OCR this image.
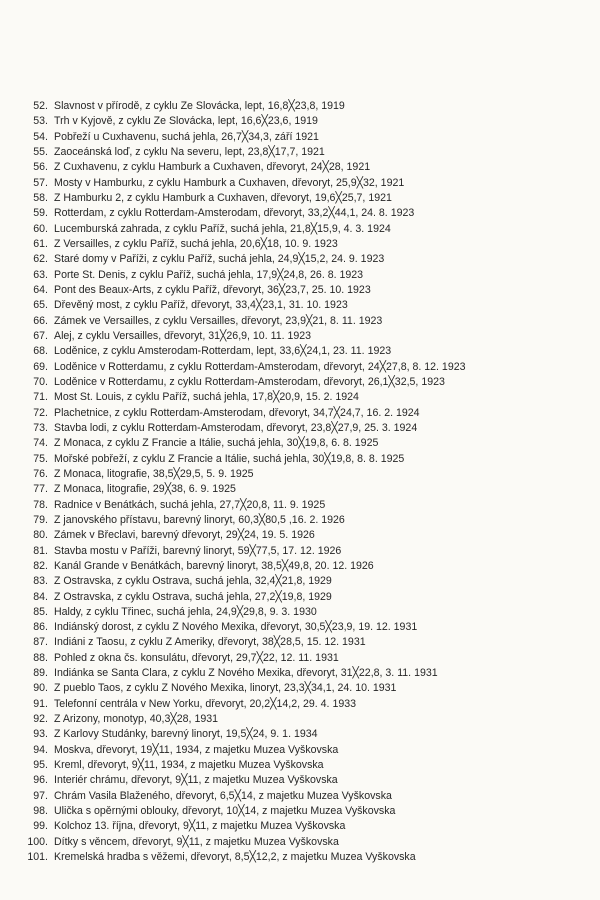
52. Slavnost v přírodě, z cyklu Ze Slovácka, lept, 16,8╳23,8, 1919
53. Trh v Kyjově, z cyklu Ze Slovácka, lept, 16,6╳23,6, 1919
54. Pobřeží u Cuxhavenu, suchá jehla, 26,7╳34,3, září 1921
55. Zaoceánská loď, z cyklu Na severu, lept, 23,8╳17,7, 1921
56. Z Cuxhavenu, z cyklu Hamburk a Cuxhaven, dřevoryt, 24╳28, 1921
57. Mosty v Hamburku, z cyklu Hamburk a Cuxhaven, dřevoryt, 25,9╳32, 1921
58. Z Hamburku 2, z cyklu Hamburk a Cuxhaven, dřevoryt, 19,6╳25,7, 1921
59. Rotterdam, z cyklu Rotterdam-Amsterodam, dřevoryt, 33,2╳44,1, 24. 8. 1923
60. Lucemburská zahrada, z cyklu Paříž, suchá jehla, 21,8╳15,9, 4. 3. 1924
61. Z Versailles, z cyklu Paříž, suchá jehla, 20,6╳18, 10. 9. 1923
62. Staré domy v Paříži, z cyklu Paříž, suchá jehla, 24,9╳15,2, 24. 9. 1923
63. Porte St. Denis, z cyklu Paříž, suchá jehla, 17,9╳24,8, 26. 8. 1923
64. Pont des Beaux-Arts, z cyklu Paříž, dřevoryt, 36╳23,7, 25. 10. 1923
65. Dřevěný most, z cyklu Paříž, dřevoryt, 33,4╳23,1, 31. 10. 1923
66. Zámek ve Versailles, z cyklu Versailles, dřevoryt, 23,9╳21, 8. 11. 1923
67. Alej, z cyklu Versailles, dřevoryt, 31╳26,9, 10. 11. 1923
68. Loděnice, z cyklu Amsterodam-Rotterdam, lept, 33,6╳24,1, 23. 11. 1923
69. Loděnice v Rotterdamu, z cyklu Rotterdam-Amsterodam, dřevoryt, 24╳27,8, 8. 12. 1923
70. Loděnice v Rotterdamu, z cyklu Rotterdam-Amsterodam, dřevoryt, 26,1╳32,5, 1923
71. Most St. Louis, z cyklu Paříž, suchá jehla, 17,8╳20,9, 15. 2. 1924
72. Plachetnice, z cyklu Rotterdam-Amsterodam, dřevoryt, 34,7╳24,7, 16. 2. 1924
73. Stavba lodi, z cyklu Rotterdam-Amsterodam, dřevoryt, 23,8╳27,9, 25. 3. 1924
74. Z Monaca, z cyklu Z Francie a Itálie, suchá jehla, 30╳19,8, 6. 8. 1925
75. Mořské pobřeží, z cyklu Z Francie a Itálie, suchá jehla, 30╳19,8, 8. 8. 1925
76. Z Monaca, litografie, 38,5╳29,5, 5. 9. 1925
77. Z Monaca, litografie, 29╳38, 6. 9. 1925
78. Radnice v Benátkách, suchá jehla, 27,7╳20,8, 11. 9. 1925
79. Z janovského přístavu, barevný linoryt, 60,3╳80,5 ,16. 2. 1926
80. Zámek v Břeclavi, barevný dřevoryt, 29╳24, 19. 5. 1926
81. Stavba mostu v Paříži, barevný linoryt, 59╳77,5, 17. 12. 1926
82. Kanál Grande v Benátkách, barevný linoryt, 38,5╳49,8, 20. 12. 1926
83. Z Ostravska, z cyklu Ostrava, suchá jehla, 32,4╳21,8, 1929
84. Z Ostravska, z cyklu Ostrava, suchá jehla, 27,2╳19,8, 1929
85. Haldy, z cyklu Třinec, suchá jehla, 24,9╳29,8, 9. 3. 1930
86. Indiánský dorost, z cyklu Z Nového Mexika, dřevoryt, 30,5╳23,9, 19. 12. 1931
87. Indiáni z Taosu, z cyklu Z Ameriky, dřevoryt, 38╳28,5, 15. 12. 1931
88. Pohled z okna čs. konsulátu, dřevoryt, 29,7╳22, 12. 11. 1931
89. Indiánka se Santa Clara, z cyklu Z Nového Mexika, dřevoryt, 31╳22,8, 3. 11. 1931
90. Z pueblo Taos, z cyklu Z Nového Mexika, linoryt, 23,3╳34,1, 24. 10. 1931
91. Telefonní centrála v New Yorku, dřevoryt, 20,2╳14,2, 29. 4. 1933
92. Z Arizony, monotyp, 40,3╳28, 1931
93. Z Karlovy Studánky, barevný linoryt, 19,5╳24, 9. 1. 1934
94. Moskva, dřevoryt, 19╳11, 1934, z majetku Muzea Vyškovska
95. Kreml, dřevoryt, 9╳11, 1934, z majetku Muzea Vyškovska
96. Interiér chrámu, dřevoryt, 9╳11, z majetku Muzea Vyškovska
97. Chrám Vasila Blaženého, dřevoryt, 6,5╳14, z majetku Muzea Vyškovska
98. Ulička s opěrnými oblouky, dřevoryt, 10╳14, z majetku Muzea Vyškovska
99. Kolchoz 13. října, dřevoryt, 9╳11, z majetku Muzea Vyškovska
100. Dítky s věncem, dřevoryt, 9╳11, z majetku Muzea Vyškovska
101. Kremelská hradba s věžemi, dřevoryt, 8,5╳12,2, z majetku Muzea Vyškovska
